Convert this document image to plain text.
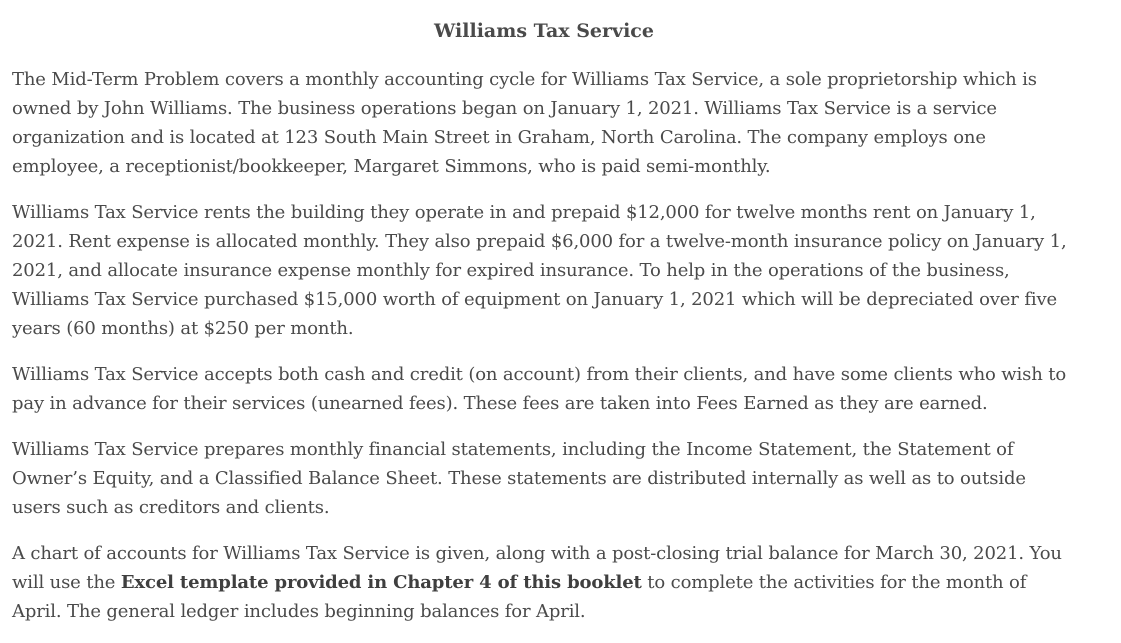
Williams Tax Service

The Mid-Term Problem covers a monthly accounting cycle for Williams Tax Service, a sole proprietorship which is owned by John Williams. The business operations began on January 1, 2021. Williams Tax Service is a service organization and is located at 123 South Main Street in Graham, North Carolina. The company employs one employee, a receptionist/bookkeeper, Margaret Simmons, who is paid semi-monthly.

Williams Tax Service rents the building they operate in and prepaid $12,000 for twelve months rent on January 1, 2021. Rent expense is allocated monthly. They also prepaid $6,000 for a twelve-month insurance policy on January 1, 2021, and allocate insurance expense monthly for expired insurance. To help in the operations of the business, Williams Tax Service purchased $15,000 worth of equipment on January 1, 2021 which will be depreciated over five years (60 months) at $250 per month.

Williams Tax Service accepts both cash and credit (on account) from their clients, and have some clients who wish to pay in advance for their services (unearned fees). These fees are taken into Fees Earned as they are earned.

Williams Tax Service prepares monthly financial statements, including the Income Statement, the Statement of Owner’s Equity, and a Classified Balance Sheet. These statements are distributed internally as well as to outside users such as creditors and clients.

A chart of accounts for Williams Tax Service is given, along with a post-closing trial balance for March 30, 2021. You will use the Excel template provided in Chapter 4 of this booklet to complete the activities for the month of April. The general ledger includes beginning balances for April.
